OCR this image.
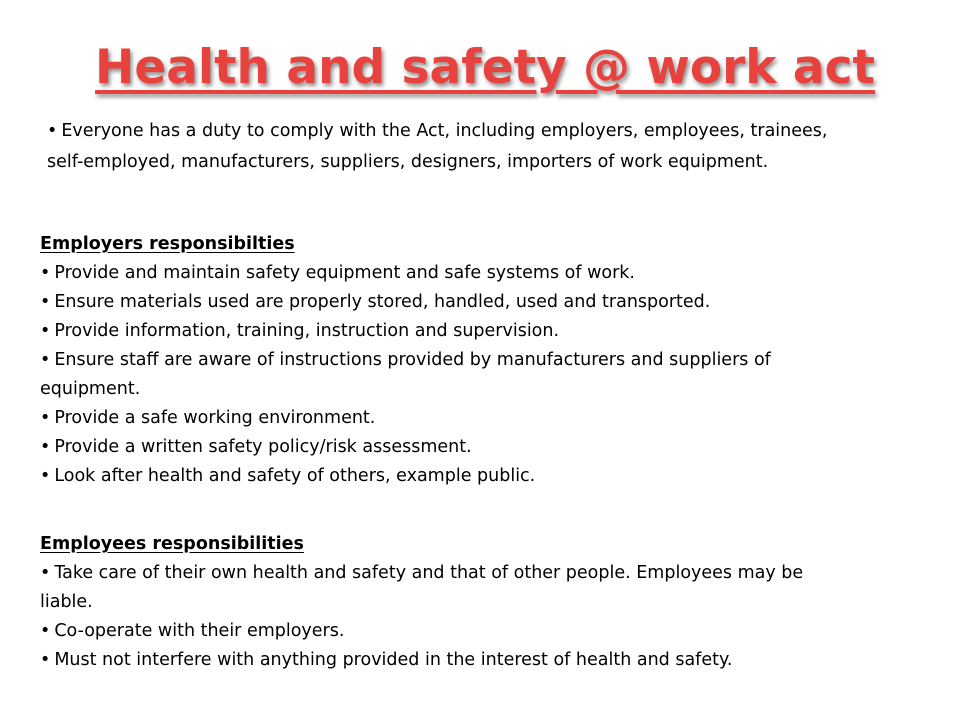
Health and safety @ work act
• Everyone has a duty to comply with the Act, including employers, employees, trainees, self-employed, manufacturers, suppliers, designers, importers of work equipment.
Employers responsibilties
• Provide and maintain safety equipment and safe systems of work.
• Ensure materials used are properly stored, handled, used and transported.
• Provide information, training, instruction and supervision.
• Ensure staff are aware of instructions provided by manufacturers and suppliers of equipment.
• Provide a safe working environment.
• Provide a written safety policy/risk assessment.
• Look after health and safety of others, example public.
Employees responsibilities
• Take care of their own health and safety and that of other people. Employees may be liable.
• Co-operate with their employers.
• Must not interfere with anything provided in the interest of health and safety.
